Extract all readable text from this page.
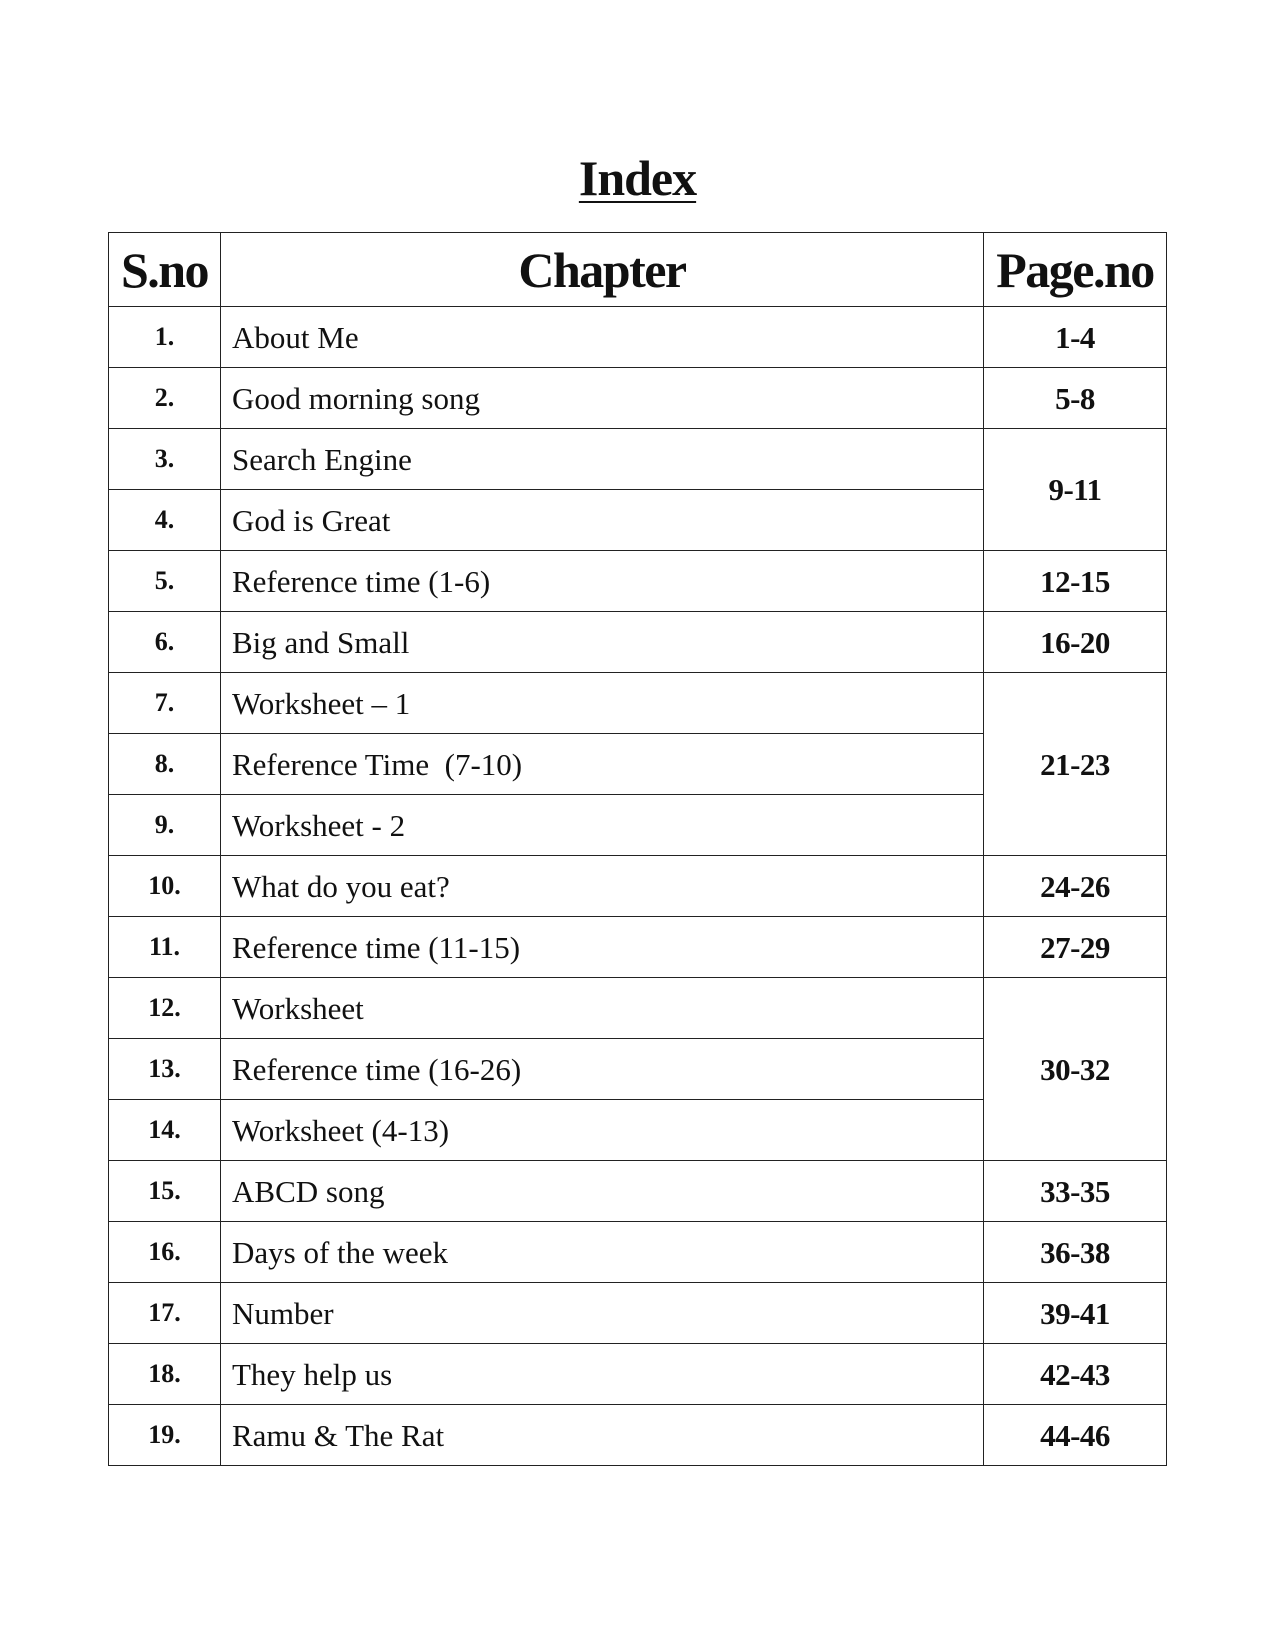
Index
S.no	Chapter	Page.no
1.	About Me	1-4
2.	Good morning song	5-8
3.	Search Engine	9-11
4.	God is Great	
5.	Reference time (1-6)	12-15
6.	Big and Small	16-20
7.	Worksheet – 1	21-23
8.	Reference Time  (7-10)	
9.	Worksheet - 2	
10.	What do you eat?	24-26
11.	Reference time (11-15)	27-29
12.	Worksheet	30-32
13.	Reference time (16-26)	
14.	Worksheet (4-13)	
15.	ABCD song	33-35
16.	Days of the week	36-38
17.	Number	39-41
18.	They help us	42-43
19.	Ramu & The Rat	44-46
